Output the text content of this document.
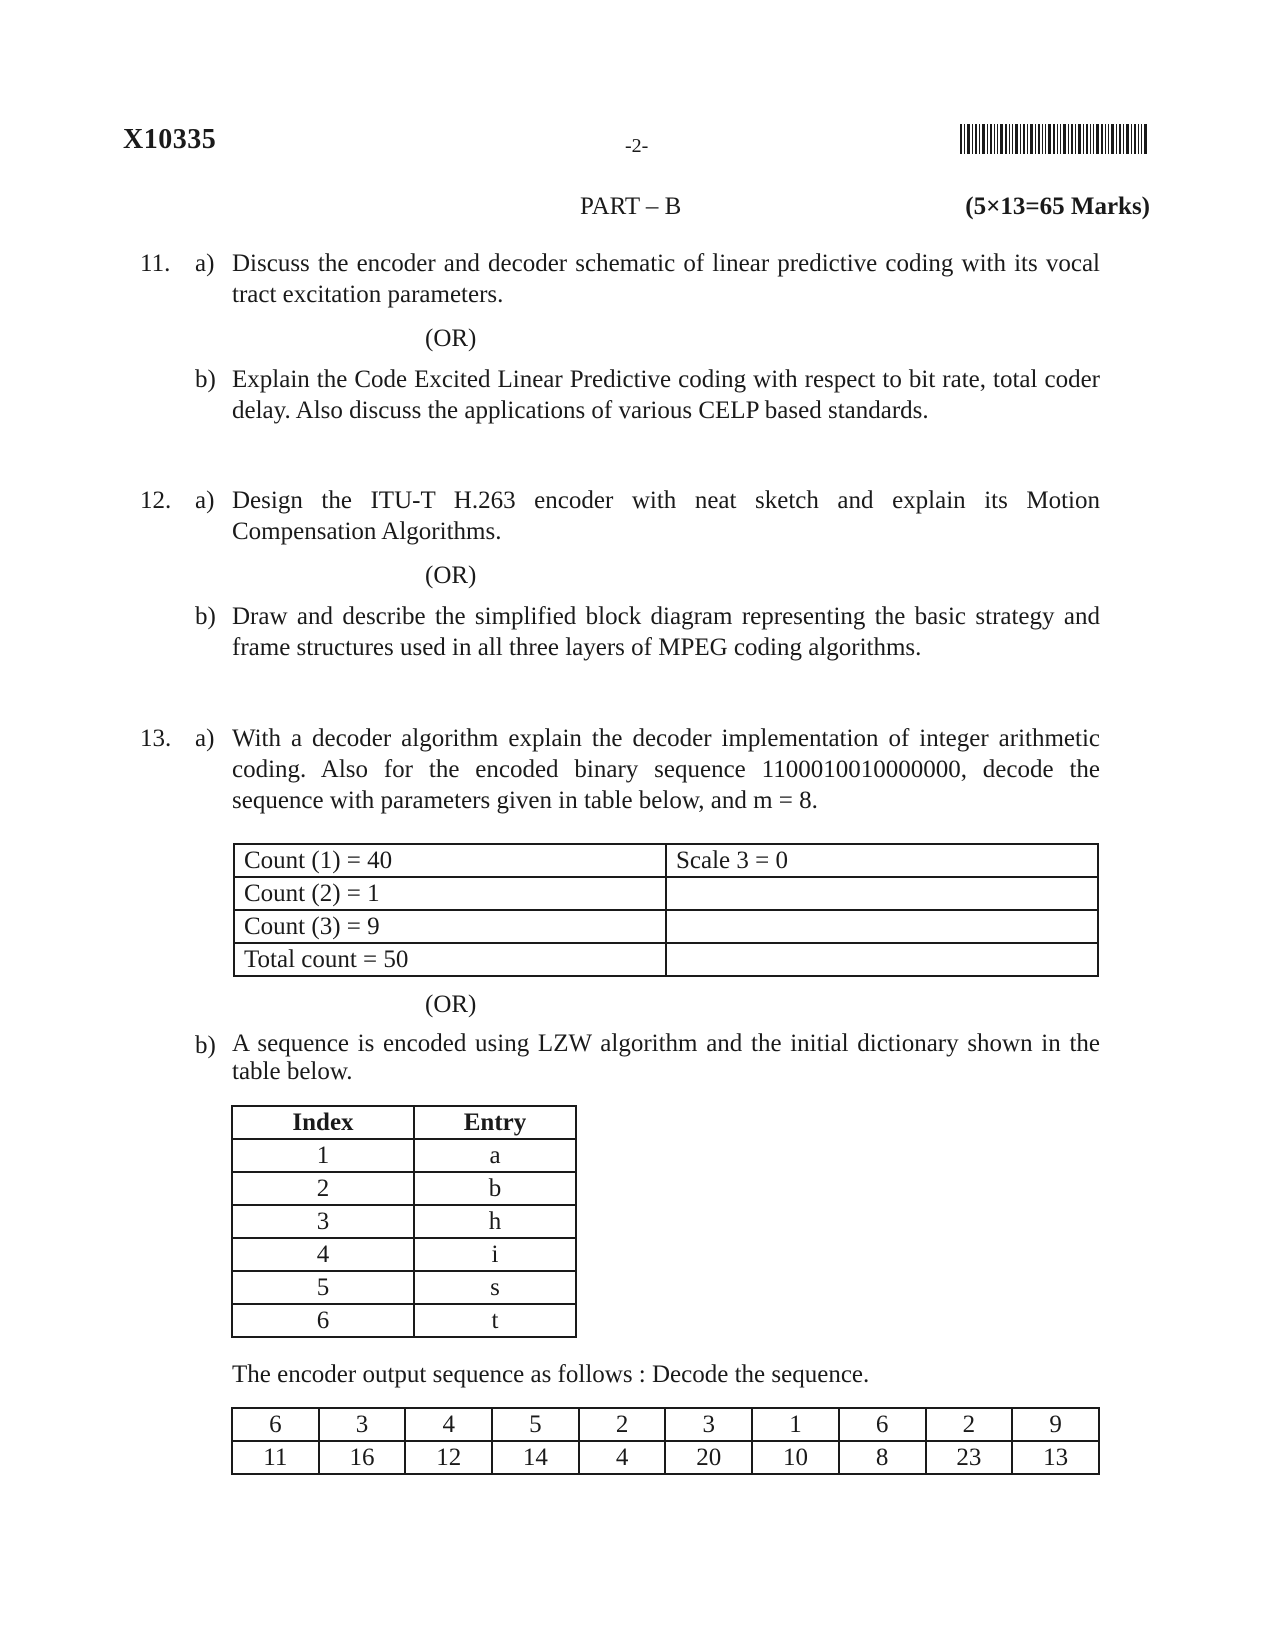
X10335	-2-
PART – B	(5×13=65 Marks)
11. a) Discuss the encoder and decoder schematic of linear predictive coding with its vocal tract excitation parameters.
(OR)
b) Explain the Code Excited Linear Predictive coding with respect to bit rate, total coder delay. Also discuss the applications of various CELP based standards.
12. a) Design the ITU-T H.263 encoder with neat sketch and explain its Motion Compensation Algorithms.
(OR)
b) Draw and describe the simplified block diagram representing the basic strategy and frame structures used in all three layers of MPEG coding algorithms.
13. a) With a decoder algorithm explain the decoder implementation of integer arithmetic coding. Also for the encoded binary sequence 1100010010000000, decode the sequence with parameters given in table below, and m = 8.
Count (1) = 40	Scale 3 = 0
Count (2) = 1	
Count (3) = 9	
Total count = 50	
(OR)
b) A sequence is encoded using LZW algorithm and the initial dictionary shown in the table below.
Index	Entry
1	a
2	b
3	h
4	i
5	s
6	t
The encoder output sequence as follows : Decode the sequence.
6	3	4	5	2	3	1	6	2	9
11	16	12	14	4	20	10	8	23	13
